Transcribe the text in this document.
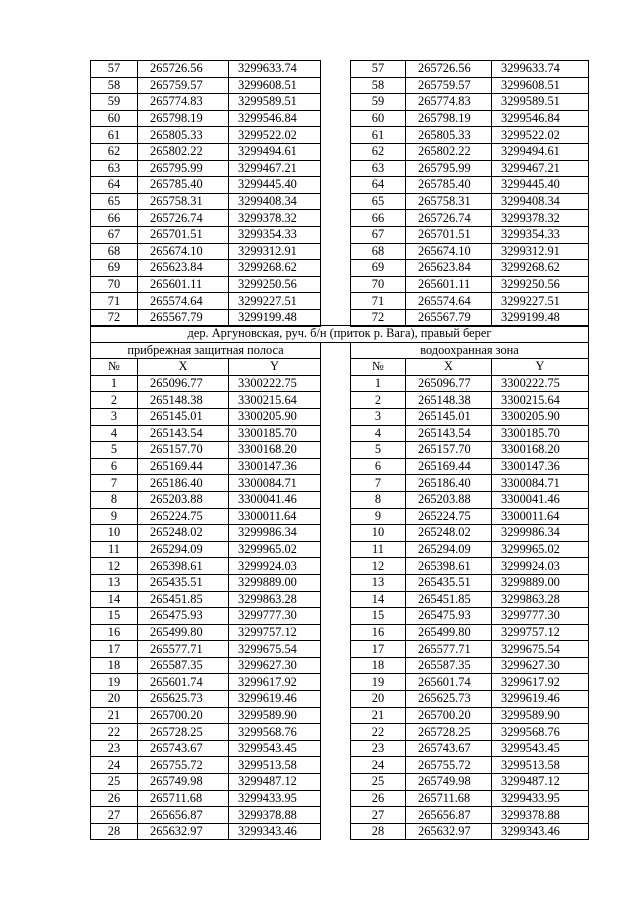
57	265726.56	3299633.74		57	265726.56	3299633.74
58	265759.57	3299608.51		58	265759.57	3299608.51
59	265774.83	3299589.51		59	265774.83	3299589.51
60	265798.19	3299546.84		60	265798.19	3299546.84
61	265805.33	3299522.02		61	265805.33	3299522.02
62	265802.22	3299494.61		62	265802.22	3299494.61
63	265795.99	3299467.21		63	265795.99	3299467.21
64	265785.40	3299445.40		64	265785.40	3299445.40
65	265758.31	3299408.34		65	265758.31	3299408.34
66	265726.74	3299378.32		66	265726.74	3299378.32
67	265701.51	3299354.33		67	265701.51	3299354.33
68	265674.10	3299312.91		68	265674.10	3299312.91
69	265623.84	3299268.62		69	265623.84	3299268.62
70	265601.11	3299250.56		70	265601.11	3299250.56
71	265574.64	3299227.51		71	265574.64	3299227.51
72	265567.79	3299199.48		72	265567.79	3299199.48
дер. Аргуновская, руч. б/н (приток р. Вага), правый берег						
прибрежная защитная полоса				водоохранная зона		
№	X	Y		№	X	Y
1	265096.77	3300222.75		1	265096.77	3300222.75
2	265148.38	3300215.64		2	265148.38	3300215.64
3	265145.01	3300205.90		3	265145.01	3300205.90
4	265143.54	3300185.70		4	265143.54	3300185.70
5	265157.70	3300168.20		5	265157.70	3300168.20
6	265169.44	3300147.36		6	265169.44	3300147.36
7	265186.40	3300084.71		7	265186.40	3300084.71
8	265203.88	3300041.46		8	265203.88	3300041.46
9	265224.75	3300011.64		9	265224.75	3300011.64
10	265248.02	3299986.34		10	265248.02	3299986.34
11	265294.09	3299965.02		11	265294.09	3299965.02
12	265398.61	3299924.03		12	265398.61	3299924.03
13	265435.51	3299889.00		13	265435.51	3299889.00
14	265451.85	3299863.28		14	265451.85	3299863.28
15	265475.93	3299777.30		15	265475.93	3299777.30
16	265499.80	3299757.12		16	265499.80	3299757.12
17	265577.71	3299675.54		17	265577.71	3299675.54
18	265587.35	3299627.30		18	265587.35	3299627.30
19	265601.74	3299617.92		19	265601.74	3299617.92
20	265625.73	3299619.46		20	265625.73	3299619.46
21	265700.20	3299589.90		21	265700.20	3299589.90
22	265728.25	3299568.76		22	265728.25	3299568.76
23	265743.67	3299543.45		23	265743.67	3299543.45
24	265755.72	3299513.58		24	265755.72	3299513.58
25	265749.98	3299487.12		25	265749.98	3299487.12
26	265711.68	3299433.95		26	265711.68	3299433.95
27	265656.87	3299378.88		27	265656.87	3299378.88
28	265632.97	3299343.46		28	265632.97	3299343.46
